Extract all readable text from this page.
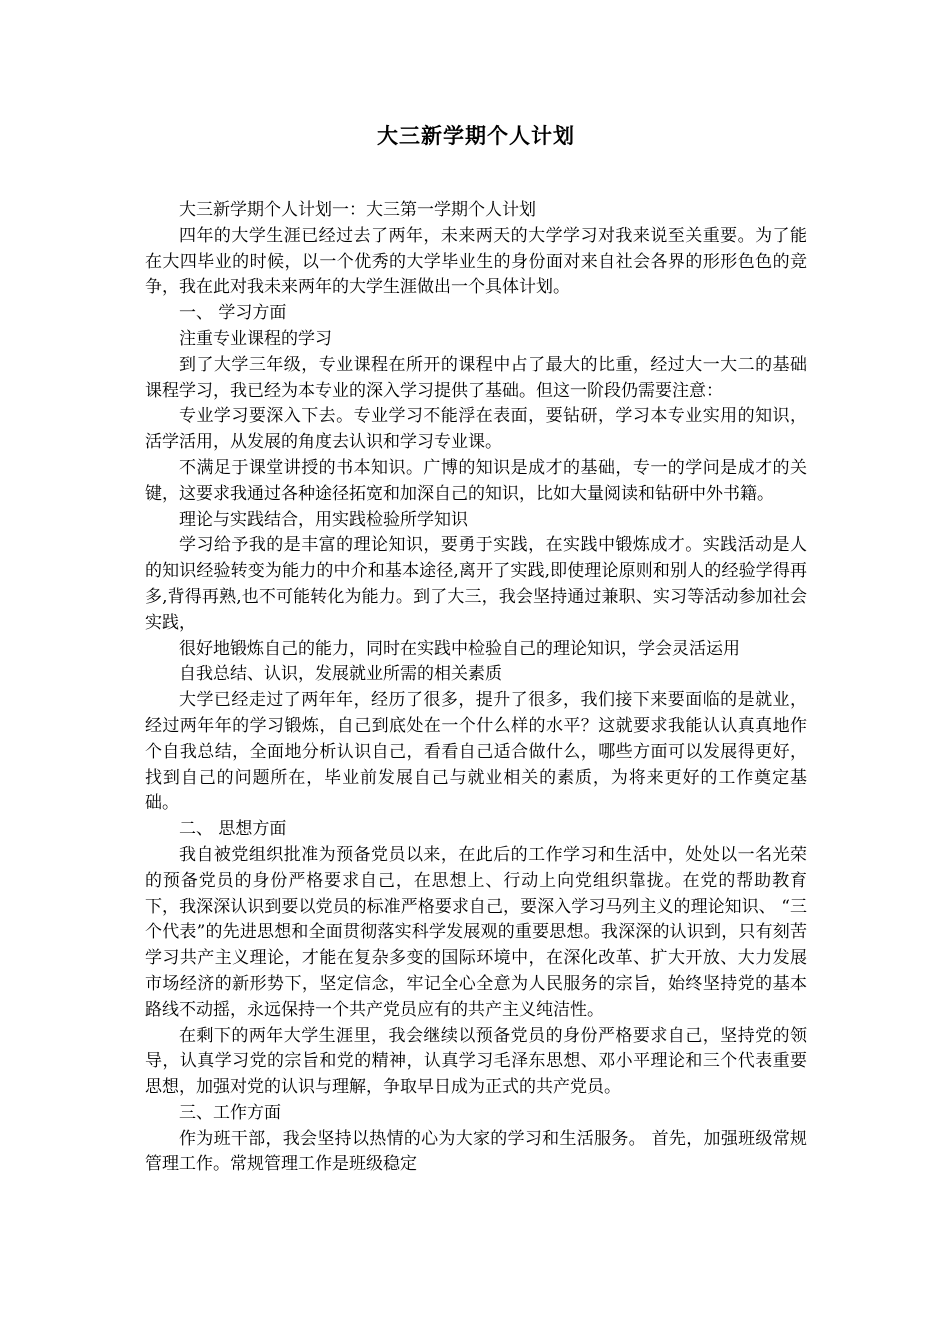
大三新学期个人计划

大三新学期个人计划一：大三第一学期个人计划

四年的大学生涯已经过去了两年，未来两天的大学学习对我来说至关重要。为了能在大四毕业的时候，以一个优秀的大学毕业生的身份面对来自社会各界的形形色色的竞争，我在此对我未来两年的大学生涯做出一个具体计划。

一、 学习方面

注重专业课程的学习

到了大学三年级，专业课程在所开的课程中占了最大的比重，经过大一大二的基础课程学习，我已经为本专业的深入学习提供了基础。但这一阶段仍需要注意：

专业学习要深入下去。专业学习不能浮在表面，要钻研，学习本专业实用的知识，活学活用，从发展的角度去认识和学习专业课。

不满足于课堂讲授的书本知识。广博的知识是成才的基础，专一的学问是成才的关键，这要求我通过各种途径拓宽和加深自己的知识，比如大量阅读和钻研中外书籍。

理论与实践结合，用实践检验所学知识

学习给予我的是丰富的理论知识，要勇于实践，在实践中锻炼成才。实践活动是人的知识经验转变为能力的中介和基本途径,离开了实践,即使理论原则和别人的经验学得再多,背得再熟,也不可能转化为能力。到了大三，我会坚持通过兼职、实习等活动参加社会实践，

很好地锻炼自己的能力，同时在实践中检验自己的理论知识，学会灵活运用

自我总结、认识，发展就业所需的相关素质

大学已经走过了两年年，经历了很多，提升了很多，我们接下来要面临的是就业，经过两年年的学习锻炼，自己到底处在一个什么样的水平？这就要求我能认认真真地作个自我总结，全面地分析认识自己，看看自己适合做什么，哪些方面可以发展得更好，找到自己的问题所在，毕业前发展自己与就业相关的素质，为将来更好的工作奠定基础。

二、 思想方面

我自被党组织批准为预备党员以来，在此后的工作学习和生活中，处处以一名光荣的预备党员的身份严格要求自己，在思想上、行动上向党组织靠拢。在党的帮助教育下，我深深认识到要以党员的标准严格要求自己，要深入学习马列主义的理论知识、 “三个代表”的先进思想和全面贯彻落实科学发展观的重要思想。我深深的认识到，只有刻苦学习共产主义理论，才能在复杂多变的国际环境中，在深化改革、扩大开放、大力发展市场经济的新形势下，坚定信念，牢记全心全意为人民服务的宗旨，始终坚持党的基本路线不动摇，永远保持一个共产党员应有的共产主义纯洁性。

在剩下的两年大学生涯里，我会继续以预备党员的身份严格要求自己，坚持党的领导，认真学习党的宗旨和党的精神，认真学习毛泽东思想、邓小平理论和三个代表重要思想，加强对党的认识与理解，争取早日成为正式的共产党员。

三、工作方面

作为班干部，我会坚持以热情的心为大家的学习和生活服务。 首先，加强班级常规管理工作。常规管理工作是班级稳定
